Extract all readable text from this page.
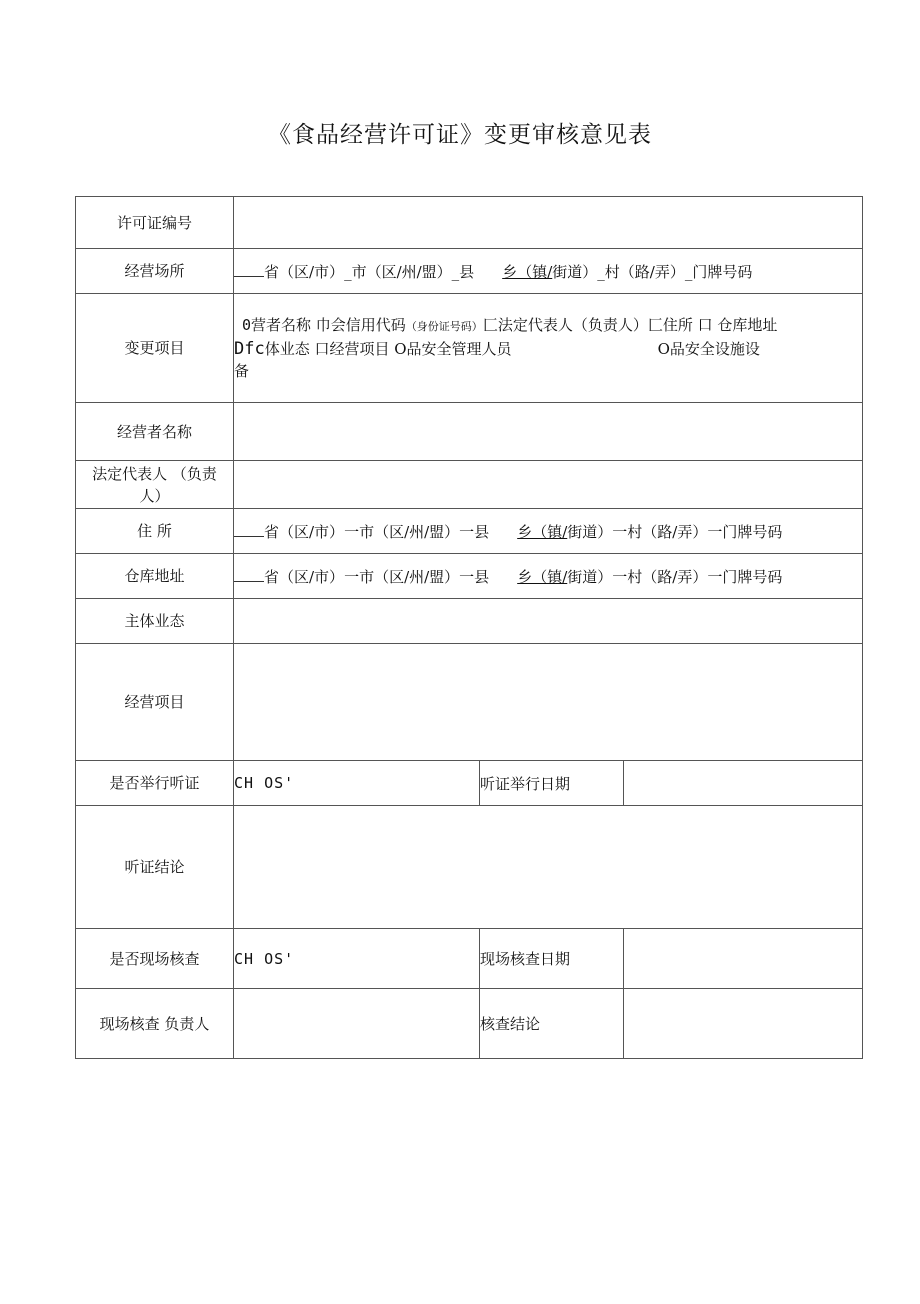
《食品经营许可证》变更审核意见表
许可证编号			
经营场所	省（区/市）_市（区/州/盟）_县 乡（镇/街道）_村（路/弄）_门牌号码		
变更项目	0营者名称 巾会信用代码（身份证号码）匚法定代表人（负责人）匚住所 口 仓库地址
Dfc体业态 口经营项目 O品安全管理人员 O品安全设施设
备		

经营者名称			
法定代表人 （负责人）			
住 所	省（区/市）一市（区/州/盟）一县 乡（镇/街道）一村（路/弄）一门牌号码		
仓库地址	省（区/市）一市（区/州/盟）一县 乡（镇/街道）一村（路/弄）一门牌号码		
主体业态			
经营项目			
是否举行听证	CH OS'	听证举行日期	
听证结论			
是否现场核查	CH OS'	现场核查日期	
现场核查 负责人		核查结论	
